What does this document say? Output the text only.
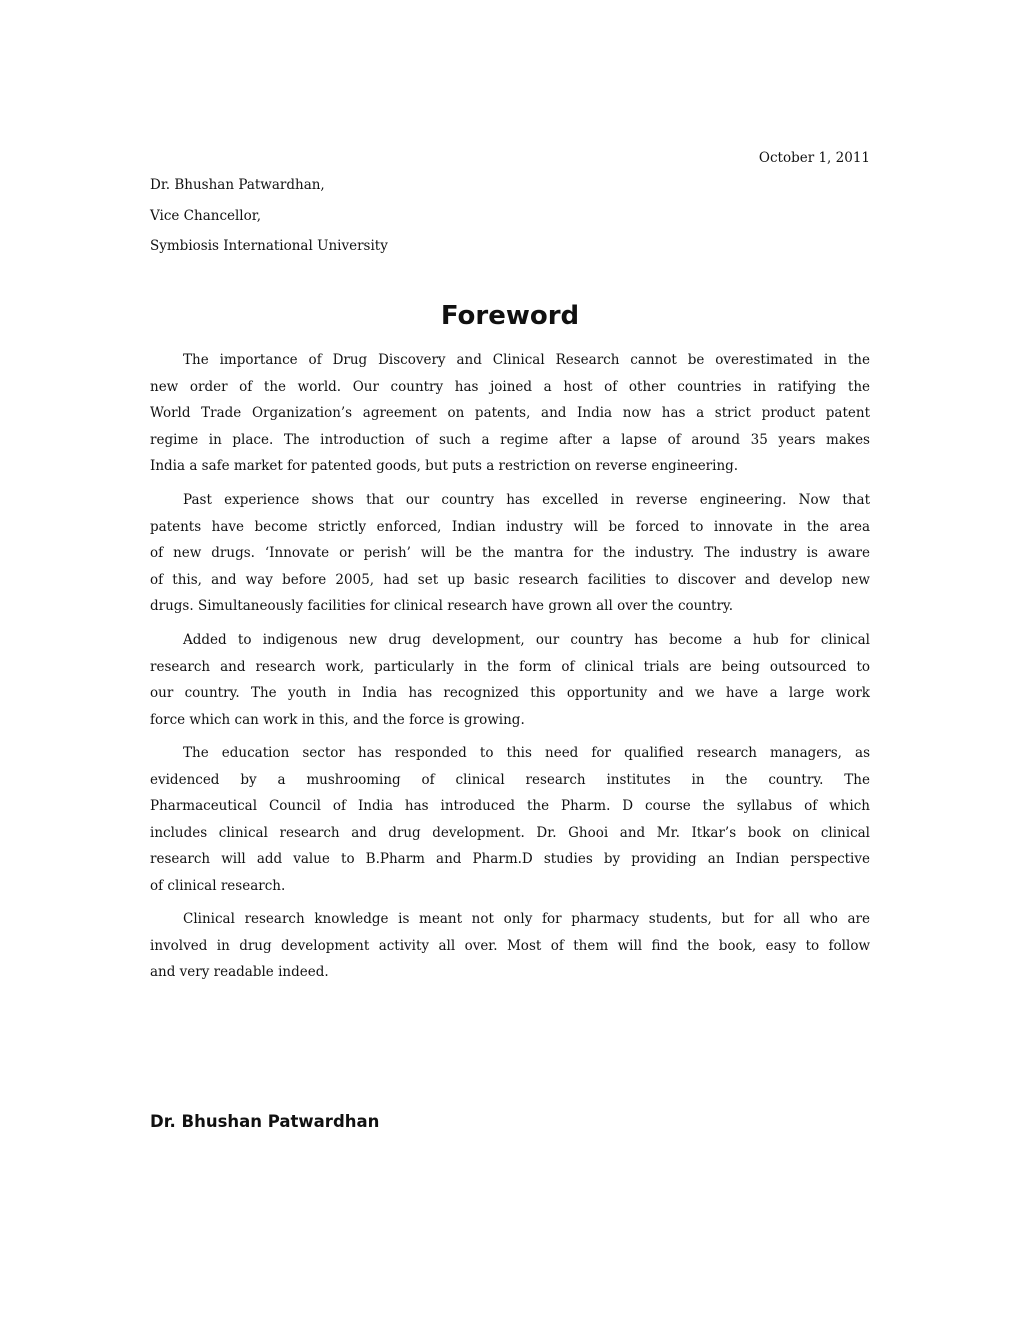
October 1, 2011
Dr. Bhushan Patwardhan,
Vice Chancellor,
Symbiosis International University
Foreword
The importance of Drug Discovery and Clinical Research cannot be overestimated in the
new order of the world. Our country has joined a host of other countries in ratifying the
World Trade Organization’s agreement on patents, and India now has a strict product patent
regime in place. The introduction of such a regime after a lapse of around 35 years makes
India a safe market for patented goods, but puts a restriction on reverse engineering.
Past experience shows that our country has excelled in reverse engineering. Now that
patents have become strictly enforced, Indian industry will be forced to innovate in the area
of new drugs. ‘Innovate or perish’ will be the mantra for the industry. The industry is aware
of this, and way before 2005, had set up basic research facilities to discover and develop new
drugs. Simultaneously facilities for clinical research have grown all over the country.
Added to indigenous new drug development, our country has become a hub for clinical
research and research work, particularly in the form of clinical trials are being outsourced to
our country. The youth in India has recognized this opportunity and we have a large work
force which can work in this, and the force is growing.
The education sector has responded to this need for qualified research managers, as
evidenced by a mushrooming of clinical research institutes in the country. The
Pharmaceutical Council of India has introduced the Pharm. D course the syllabus of which
includes clinical research and drug development. Dr. Ghooi and Mr. Itkar’s book on clinical
research will add value to B.Pharm and Pharm.D studies by providing an Indian perspective
of clinical research.
Clinical research knowledge is meant not only for pharmacy students, but for all who are
involved in drug development activity all over. Most of them will find the book, easy to follow
and very readable indeed.
Dr. Bhushan Patwardhan
